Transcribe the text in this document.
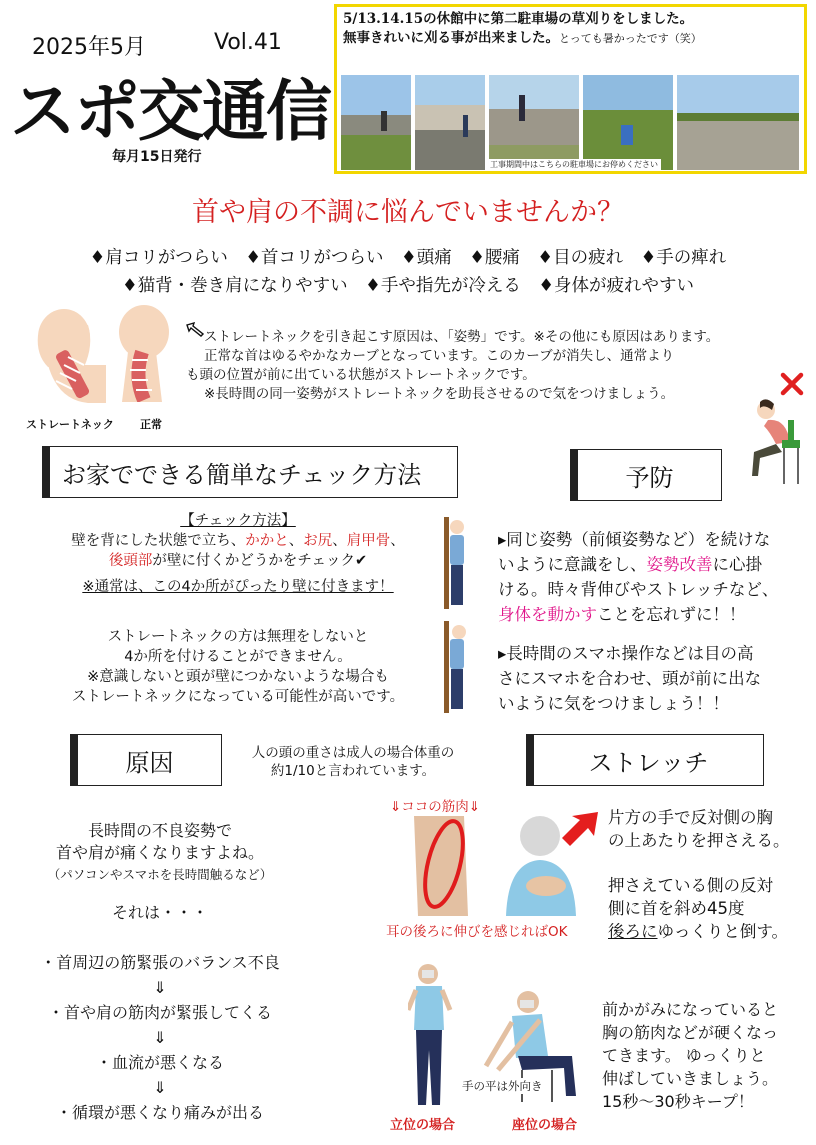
2025年5月	Vol.41
スポ交通信
毎月15日発行
5/13.14.15の休館中に第二駐車場の草刈りをしました。
無事きれいに刈る事が出来ました。とっても暑かったです（笑）
工事期間中はこちらの駐車場にお停めください
首や肩の不調に悩んでいませんか？
♦肩コリがつらい　♦首コリがつらい　♦頭痛　♦腰痛　♦目の疲れ　♦手の痺れ
♦猫背・巻き肩になりやすい　♦手や指先が冷える　♦身体が疲れやすい
ストレートネック 正常
ストレートネックを引き起こす原因は、「姿勢」です。※その他にも原因はあります。
正常な首はゆるやかなカーブとなっています。このカーブが消失し、通常より
も頭の位置が前に出ている状態がストレートネックです。
※長時間の同一姿勢がストレートネックを助長させるので気をつけましょう。
お家でできる簡単なチェック方法
【チェック方法】
壁を背にした状態で立ち、かかと、お尻、肩甲骨、
後頭部が壁に付くかどうかをチェック✔
※通常は、この4か所がぴったり壁に付きます！
ストレートネックの方は無理をしないと
4か所を付けることができません。
※意識しないと頭が壁につかないような場合も
ストレートネックになっている可能性が高いです。
予防
▸同じ姿勢（前傾姿勢など）を続けな
いように意識をし、姿勢改善に心掛
ける。時々背伸びやストレッチなど、
身体を動かすことを忘れずに！！
▸長時間のスマホ操作などは目の高
さにスマホを合わせ、頭が前に出な
いように気をつけましょう！！
原因	人の頭の重さは成人の場合体重の
約1/10と言われています。
長時間の不良姿勢で
首や肩が痛くなりますよね。
（パソコンやスマホを長時間触るなど）
それは・・・
・首周辺の筋緊張のバランス不良
⇓
・首や肩の筋肉が緊張してくる
⇓
・血流が悪くなる
⇓
・循環が悪くなり痛みが出る
ストレッチ
⇓ココの筋肉⇓
耳の後ろに伸びを感じればOK
片方の手で反対側の胸
の上あたりを押さえる。
押さえている側の反対
側に首を斜め45度
後ろにゆっくりと倒す。
手の平は外向き
立位の場合	座位の場合
前かがみになっていると
胸の筋肉などが硬くなっ
てきます。 ゆっくりと
伸ばしていきましょう。
15秒～30秒キープ！
